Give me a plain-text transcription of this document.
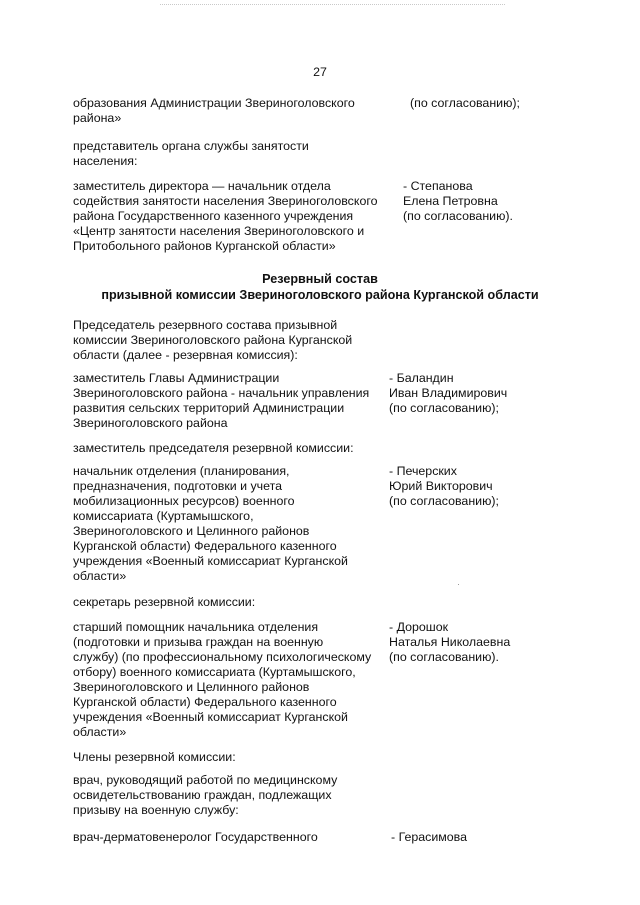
27

образования Администрации Звериноголовского
района»

(по согласованию);

представитель органа службы занятости
населения:

заместитель директора — начальник отдела
содействия занятости населения Звериноголовского
района Государственного казенного учреждения
«Центр занятости населения Звериноголовского и
Притобольного районов Курганской области»

- Степанова
Елена Петровна
(по согласованию).

Резервный состав
призывной комиссии Звериноголовского района Курганской области

Председатель резервного состава призывной
комиссии Звериноголовского района Курганской
области (далее - резервная комиссия):

заместитель Главы Администрации
Звериноголовского района - начальник управления
развития сельских территорий Администрации
Звериноголовского района

- Баландин
Иван Владимирович
(по согласованию);

заместитель председателя резервной комиссии:

начальник отделения (планирования,
предназначения, подготовки и учета
мобилизационных ресурсов) военного
комиссариата (Куртамышского,
Звериноголовского и Целинного районов
Курганской области) Федерального казенного
учреждения «Военный комиссариат Курганской
области»

- Печерских
Юрий Викторович
(по согласованию);

секретарь резервной комиссии:

старший помощник начальника отделения
(подготовки и призыва граждан на военную
службу) (по профессиональному психологическому
отбору) военного комиссариата (Куртамышского,
Звериноголовского и Целинного районов
Курганской области) Федерального казенного
учреждения «Военный комиссариат Курганской
области»

- Дорошок
Наталья Николаевна
(по согласованию).

Члены резервной комиссии:

врач, руководящий работой по медицинскому
освидетельствованию граждан, подлежащих
призыву на военную службу:

врач-дерматовенеролог Государственного	- Герасимова
